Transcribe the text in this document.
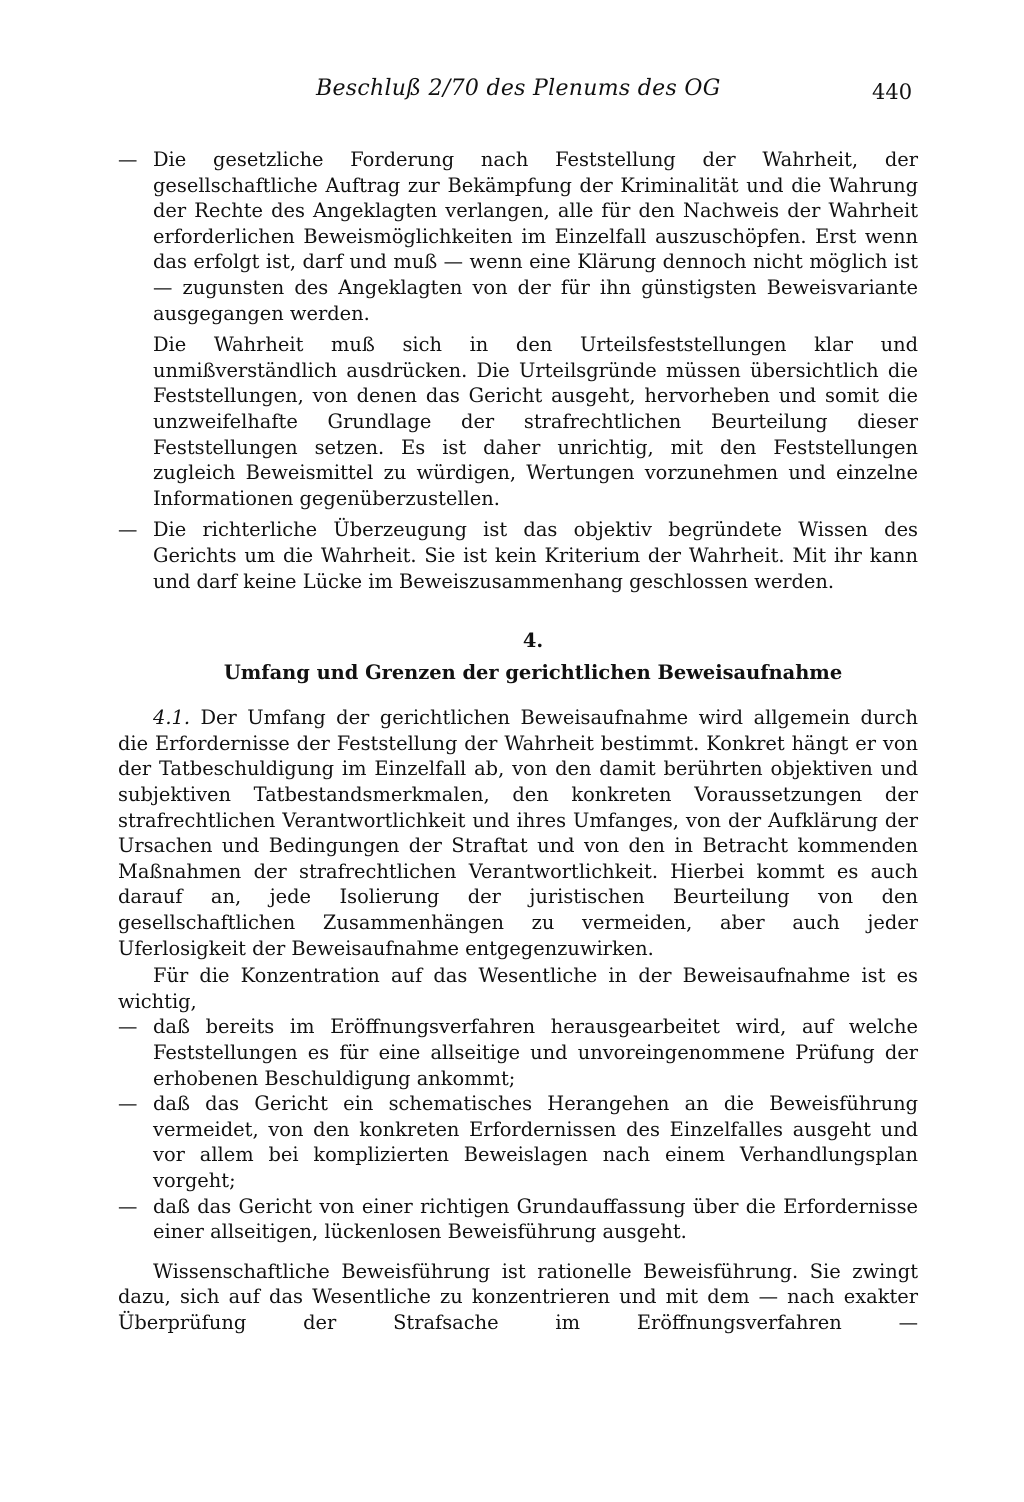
Beschluß 2/70 des Plenums des OG	440

— Die gesetzliche Forderung nach Feststellung der Wahrheit, der gesellschaftliche Auftrag zur Bekämpfung der Kriminalität und die Wahrung der Rechte des Angeklagten verlangen, alle für den Nachweis der Wahrheit erforderlichen Beweismöglichkeiten im Einzelfall auszuschöpfen. Erst wenn das erfolgt ist, darf und muß — wenn eine Klärung dennoch nicht möglich ist — zugunsten des Angeklagten von der für ihn günstigsten Beweisvariante ausgegangen werden.

Die Wahrheit muß sich in den Urteilsfeststellungen klar und unmißverständlich ausdrücken. Die Urteilsgründe müssen übersichtlich die Feststellungen, von denen das Gericht ausgeht, hervorheben und somit die unzweifelhafte Grundlage der strafrechtlichen Beurteilung dieser Feststellungen setzen. Es ist daher unrichtig, mit den Feststellungen zugleich Beweismittel zu würdigen, Wertungen vorzunehmen und einzelne Informationen gegenüberzustellen.

— Die richterliche Überzeugung ist das objektiv begründete Wissen des Gerichts um die Wahrheit. Sie ist kein Kriterium der Wahrheit. Mit ihr kann und darf keine Lücke im Beweiszusammenhang geschlossen werden.

4.
Umfang und Grenzen der gerichtlichen Beweisaufnahme

4.1. Der Umfang der gerichtlichen Beweisaufnahme wird allgemein durch die Erfordernisse der Feststellung der Wahrheit bestimmt. Konkret hängt er von der Tatbeschuldigung im Einzelfall ab, von den damit berührten objektiven und subjektiven Tatbestandsmerkmalen, den konkreten Voraussetzungen der strafrechtlichen Verantwortlichkeit und ihres Umfanges, von der Aufklärung der Ursachen und Bedingungen der Straftat und von den in Betracht kommenden Maßnahmen der strafrechtlichen Verantwortlichkeit. Hierbei kommt es auch darauf an, jede Isolierung der juristischen Beurteilung von den gesellschaftlichen Zusammenhängen zu vermeiden, aber auch jeder Uferlosigkeit der Beweisaufnahme entgegenzuwirken.

Für die Konzentration auf das Wesentliche in der Beweisaufnahme ist es wichtig,

— daß bereits im Eröffnungsverfahren herausgearbeitet wird, auf welche Feststellungen es für eine allseitige und unvoreingenommene Prüfung der erhobenen Beschuldigung ankommt;

— daß das Gericht ein schematisches Herangehen an die Beweisführung vermeidet, von den konkreten Erfordernissen des Einzelfalles ausgeht und vor allem bei komplizierten Beweislagen nach einem Verhandlungsplan vorgeht;

— daß das Gericht von einer richtigen Grundauffassung über die Erfordernisse einer allseitigen, lückenlosen Beweisführung ausgeht.

Wissenschaftliche Beweisführung ist rationelle Beweisführung. Sie zwingt dazu, sich auf das Wesentliche zu konzentrieren und mit dem — nach exakter Überprüfung der Strafsache im Eröffnungsverfahren —
